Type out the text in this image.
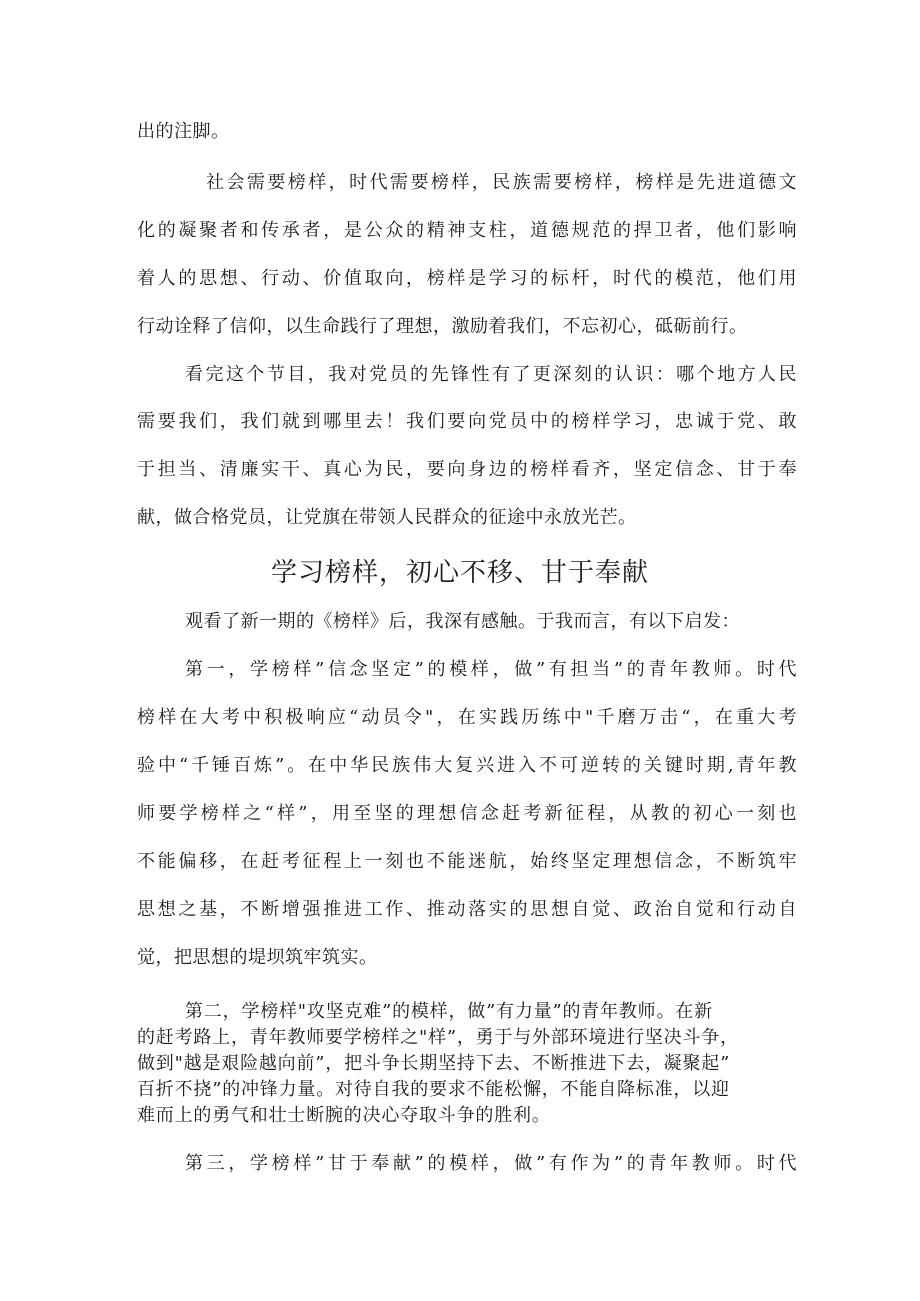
出的注脚。
社会需要榜样，时代需要榜样，民族需要榜样，榜样是先进道德文
化的凝聚者和传承者，是公众的精神支柱，道德规范的捍卫者，他们影响
着人的思想、行动、价值取向，榜样是学习的标杆，时代的模范，他们用
行动诠释了信仰，以生命践行了理想，激励着我们，不忘初心，砥砺前行。
看完这个节目，我对党员的先锋性有了更深刻的认识：哪个地方人民
需要我们，我们就到哪里去！我们要向党员中的榜样学习，忠诚于党、敢
于担当、清廉实干、真心为民，要向身边的榜样看齐，坚定信念、甘于奉
献，做合格党员，让党旗在带领人民群众的征途中永放光芒。
学习榜样，初心不移、甘于奉献
观看了新一期的《榜样》后，我深有感触。于我而言，有以下启发：
第一，学榜样”信念坚定”的模样，做”有担当”的青年教师。时代
榜样在大考中积极响应“动员令"，在实践历练中"千磨万击“，在重大考
验中“千锤百炼”。在中华民族伟大复兴进入不可逆转的关键时期,青年教
师要学榜样之“样”，用至坚的理想信念赶考新征程，从教的初心一刻也
不能偏移，在赶考征程上一刻也不能迷航，始终坚定理想信念，不断筑牢
思想之基，不断增强推进工作、推动落实的思想自觉、政治自觉和行动自
觉，把思想的堤坝筑牢筑实。
第二，学榜样"攻坚克难”的模样，做”有力量”的青年教师。在新
的赶考路上，青年教师要学榜样之"样”，勇于与外部环境进行坚决斗争，
做到"越是艰险越向前”，把斗争长期坚持下去、不断推进下去，凝聚起”
百折不挠”的冲锋力量。对待自我的要求不能松懈，不能自降标准，以迎
难而上的勇气和壮士断腕的决心夺取斗争的胜利。
第三，学榜样”甘于奉献”的模样，做”有作为”的青年教师。时代
